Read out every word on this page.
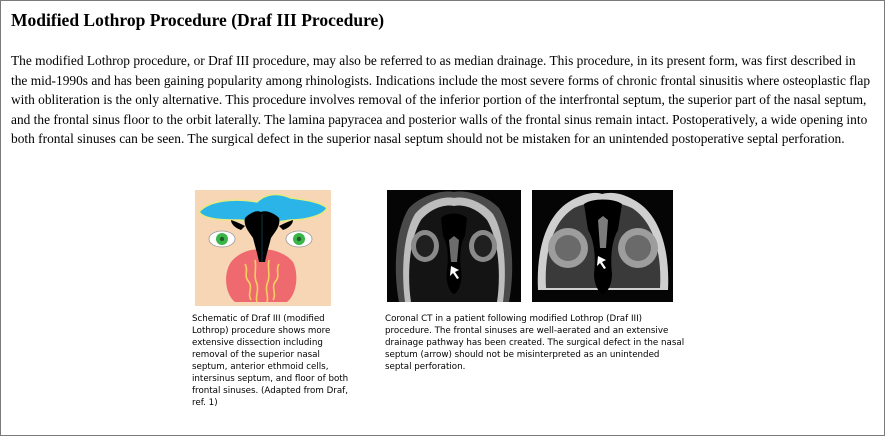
Modified Lothrop Procedure (Draf III Procedure)

The modified Lothrop procedure, or Draf III procedure, may also be referred to as median drainage. This procedure, in its present form, was first described in the mid-1990s and has been gaining popularity among rhinologists. Indications include the most severe forms of chronic frontal sinusitis where osteoplastic flap with obliteration is the only alternative. This procedure involves removal of the inferior portion of the interfrontal septum, the superior part of the nasal septum, and the frontal sinus floor to the orbit laterally. The lamina papyracea and posterior walls of the frontal sinus remain intact. Postoperatively, a wide opening into both frontal sinuses can be seen. The surgical defect in the superior nasal septum should not be mistaken for an unintended postoperative septal perforation.

Schematic of Draf III (modified Lothrop) procedure shows more extensive dissection including removal of the superior nasal septum, anterior ethmoid cells, intersinus septum, and floor of both frontal sinuses. (Adapted from Draf, ref. 1)

Coronal CT in a patient following modified Lothrop (Draf III) procedure. The frontal sinuses are well-aerated and an extensive drainage pathway has been created. The surgical defect in the nasal septum (arrow) should not be misinterpreted as an unintended septal perforation.
